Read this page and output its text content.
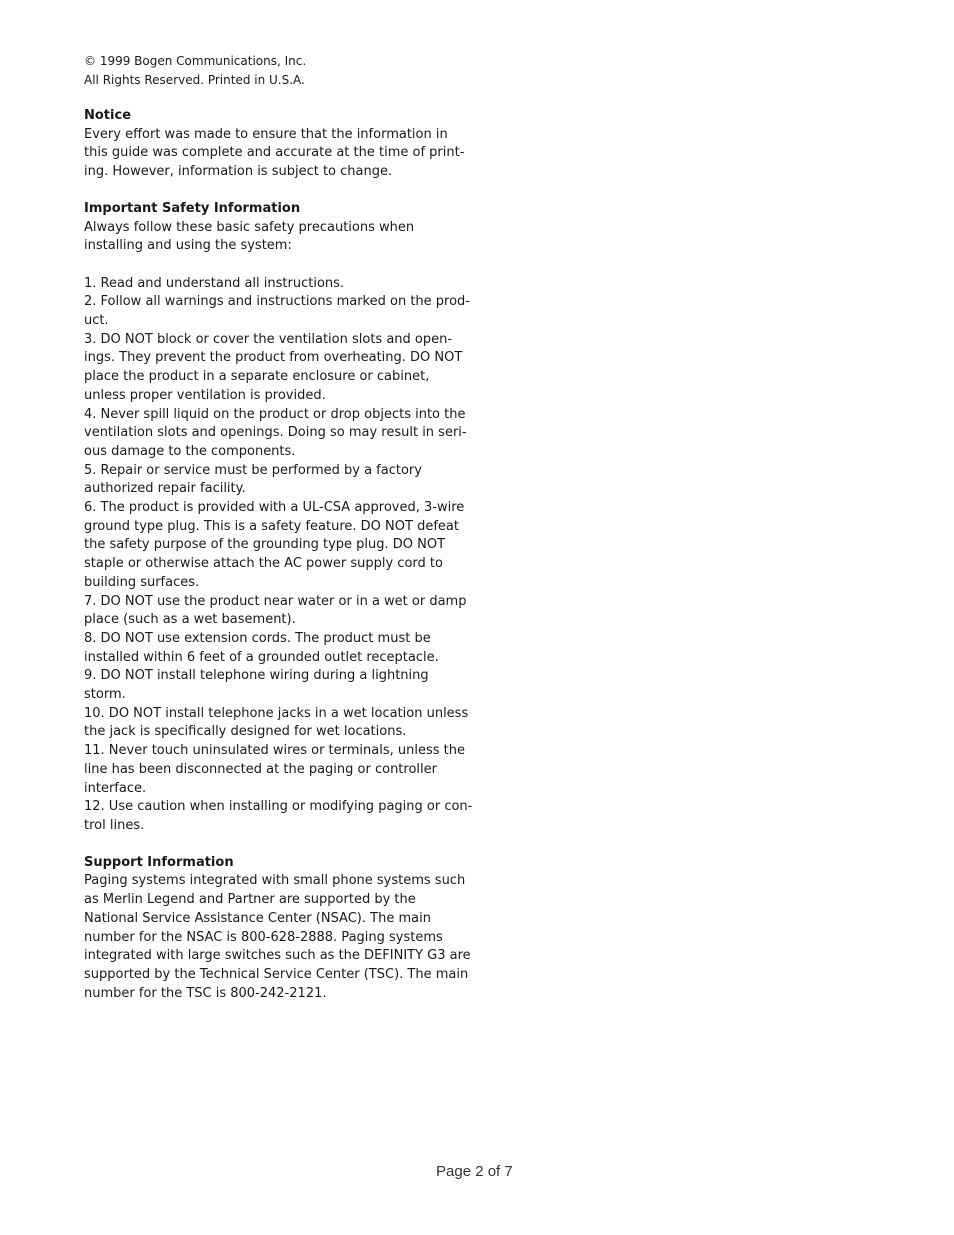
© 1999 Bogen Communications, Inc.

All Rights Reserved. Printed in U.S.A.

Notice

Every effort was made to ensure that the information in this guide was complete and accurate at the time of print-ing. However, information is subject to change.

Important Safety Information

Always follow these basic safety precautions when installing and using the system:

1. Read and understand all instructions.
2. Follow all warnings and instructions marked on the prod-uct.
3. DO NOT block or cover the ventilation slots and open-ings. They prevent the product from overheating. DO NOT place the product in a separate enclosure or cabinet, unless proper ventilation is provided.
4. Never spill liquid on the product or drop objects into the ventilation slots and openings. Doing so may result in seri-ous damage to the components.
5. Repair or service must be performed by a factory authorized repair facility.
6. The product is provided with a UL-CSA approved, 3-wire ground type plug. This is a safety feature. DO NOT defeat the safety purpose of the grounding type plug. DO NOT staple or otherwise attach the AC power supply cord to building surfaces.
7. DO NOT use the product near water or in a wet or damp place (such as a wet basement).
8. DO NOT use extension cords. The product must be installed within 6 feet of a grounded outlet receptacle.
9. DO NOT install telephone wiring during a lightning storm.
10. DO NOT install telephone jacks in a wet location unless the jack is specifically designed for wet locations.
11. Never touch uninsulated wires or terminals, unless the line has been disconnected at the paging or controller interface.
12. Use caution when installing or modifying paging or con-trol lines.

Support Information

Paging systems integrated with small phone systems such as Merlin Legend and Partner are supported by the National Service Assistance Center (NSAC). The main number for the NSAC is 800-628-2888. Paging systems integrated with large switches such as the DEFINITY G3 are supported by the Technical Service Center (TSC). The main number for the TSC is 800-242-2121.

Page 2 of 7
